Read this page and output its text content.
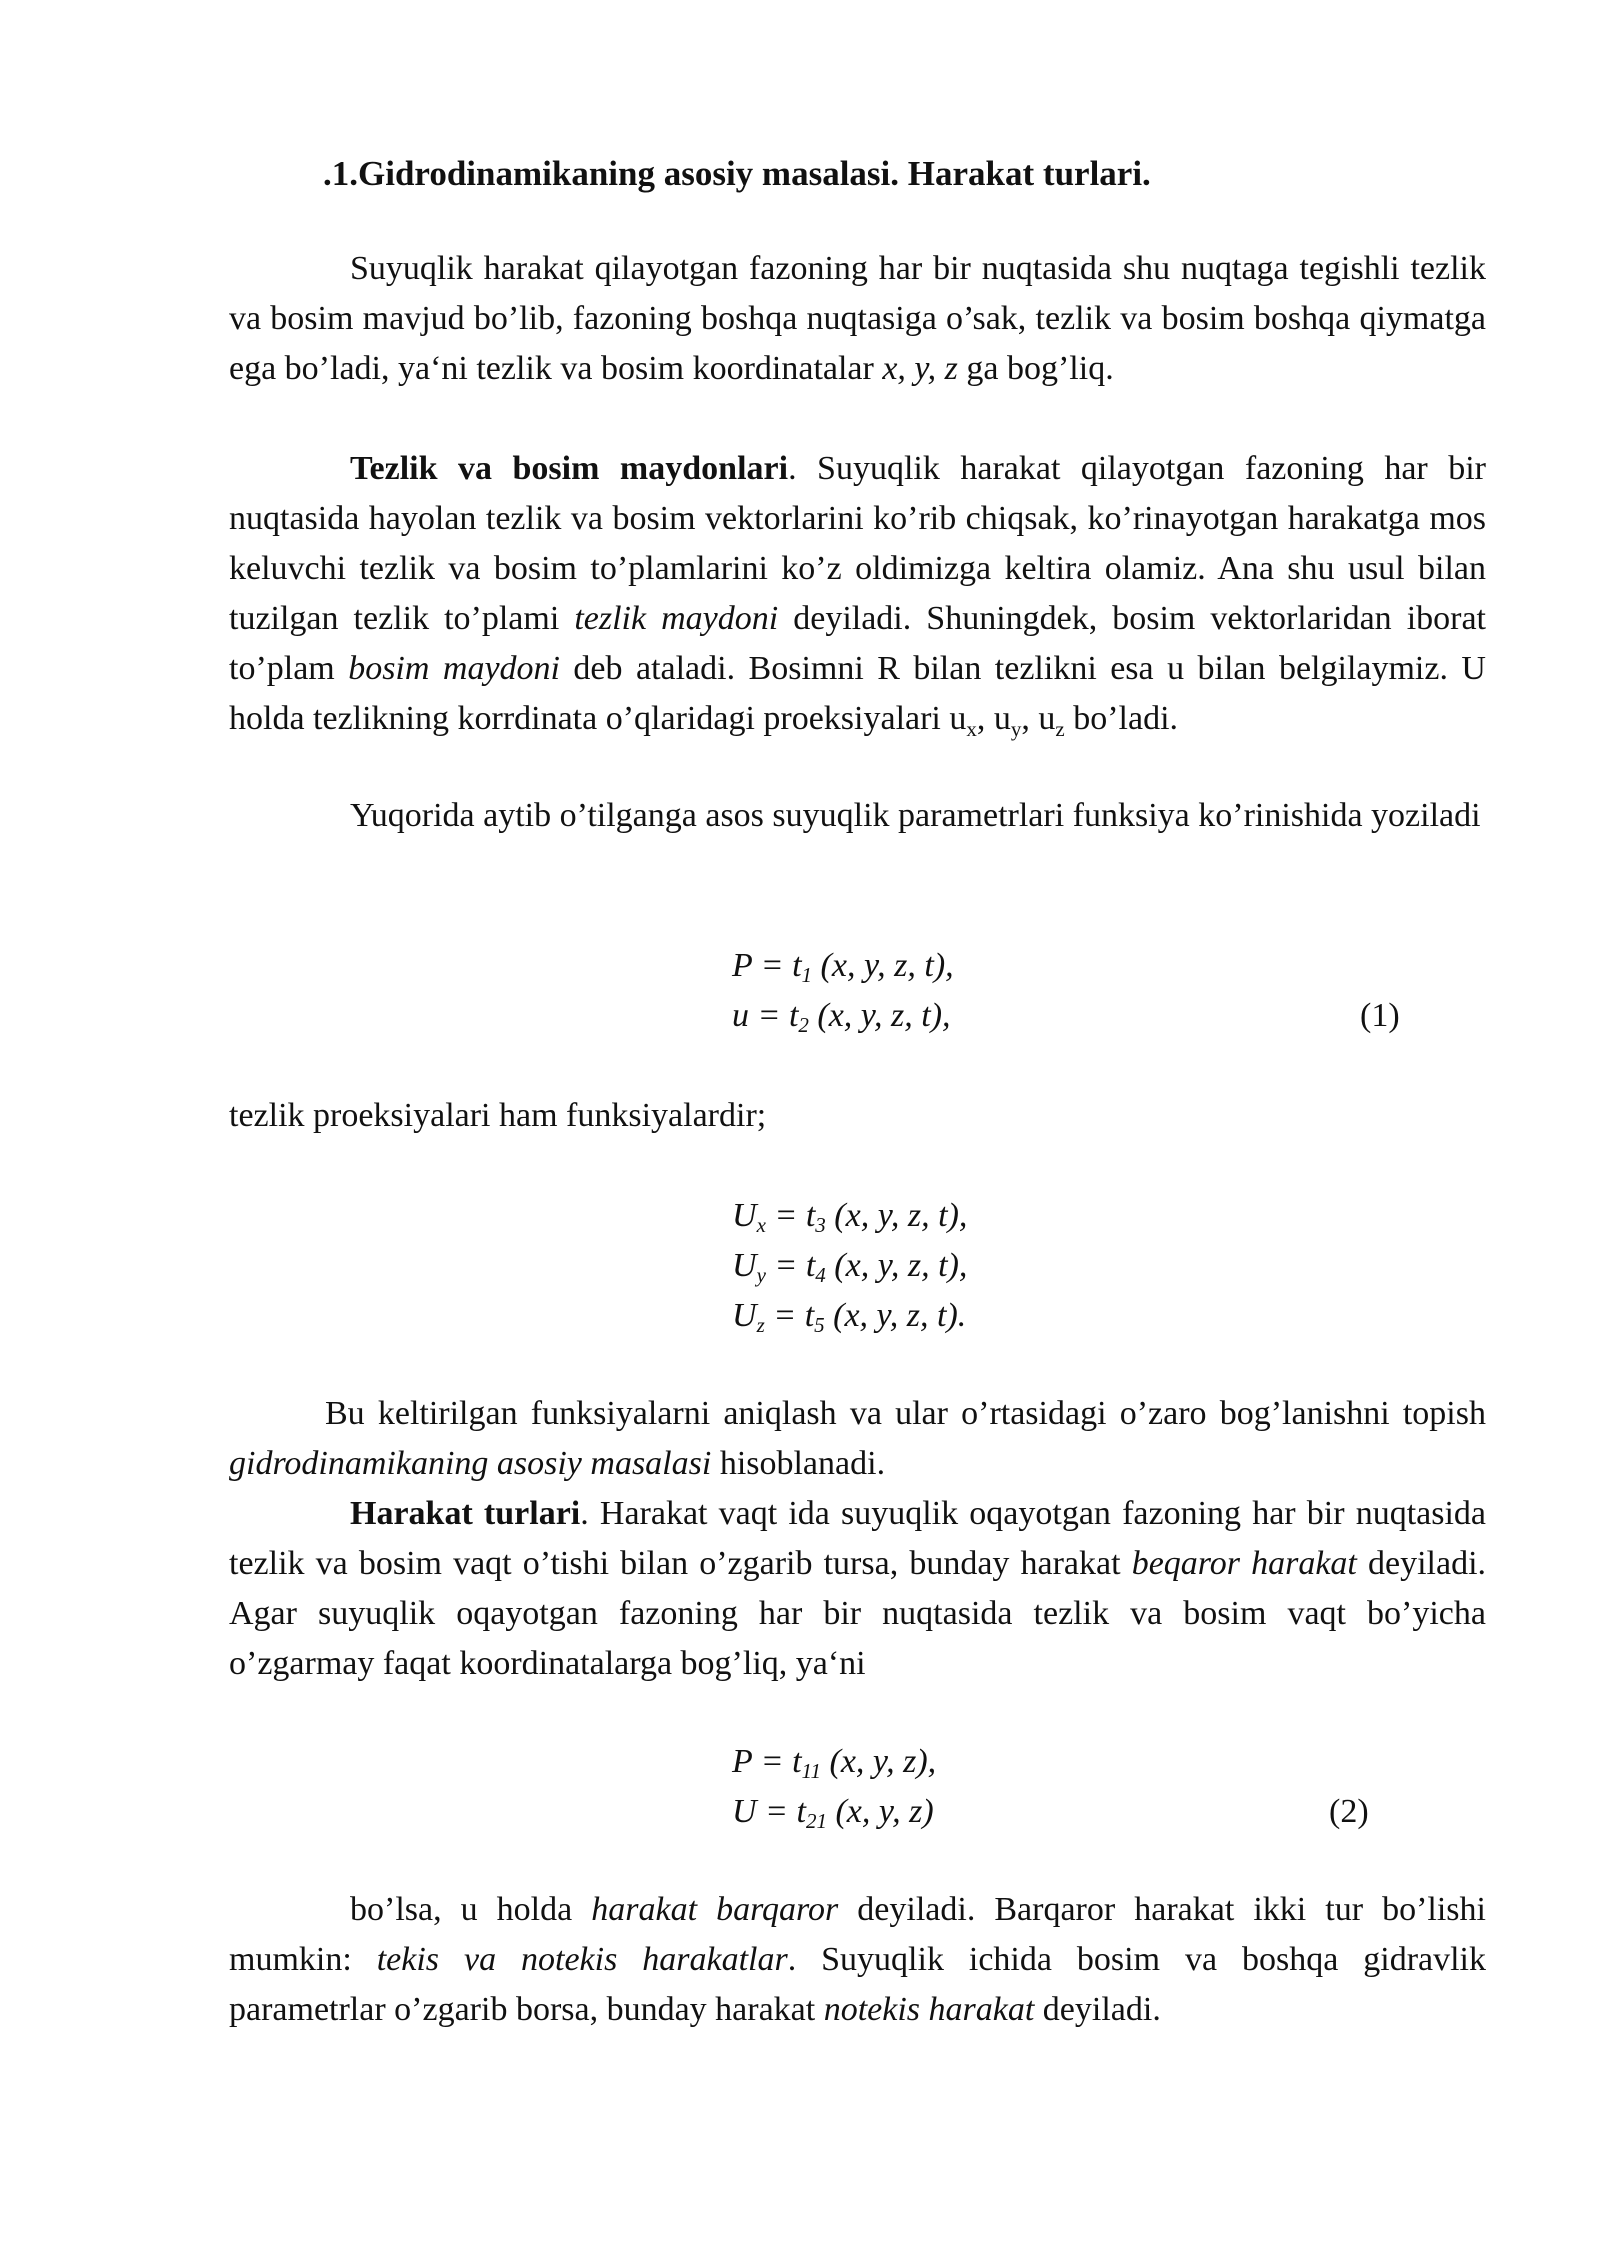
.1.Gidrodinamikaning asosiy masalasi. Harakat turlari.

Suyuqlik harakat qilayotgan fazoning har bir nuqtasida shu nuqtaga tegishli tezlik va bosim mavjud bo’lib, fazoning boshqa nuqtasiga o’sak, tezlik va bosim boshqa qiymatga ega bo’ladi, ya‘ni tezlik va bosim koordinatalar x, y, z ga bog’liq.

Tezlik va bosim maydonlari. Suyuqlik harakat qilayotgan fazoning har bir nuqtasida hayolan tezlik va bosim vektorlarini ko’rib chiqsak, ko’rinayotgan harakatga mos keluvchi tezlik va bosim to’plamlarini ko’z oldimizga keltira olamiz. Ana shu usul bilan tuzilgan tezlik to’plami tezlik maydoni deyiladi. Shuningdek, bosim vektorlaridan iborat to’plam bosim maydoni deb ataladi. Bosimni R bilan tezlikni esa u bilan belgilaymiz. U holda tezlikning korrdinata o’qlaridagi proeksiyalari $u_x$, $u_y$, $u_z$ bo’ladi.

Yuqorida aytib o’tilganga asos suyuqlik parametrlari funksiya ko’rinishida yoziladi

P = t1 (x, y, z, t),
u = t2 (x, y, z, t),	(1)

tezlik proeksiyalari ham funksiyalardir;

Ux = t3 (x, y, z, t),
Uy = t4 (x, y, z, t),
Uz = t5 (x, y, z, t).

Bu keltirilgan funksiyalarni aniqlash va ular o’rtasidagi o’zaro bog’lanishni topish gidrodinamikaning asosiy masalasi hisoblanadi.

Harakat turlari. Harakat vaqt ida suyuqlik oqayotgan fazoning har bir nuqtasida tezlik va bosim vaqt o’tishi bilan o’zgarib tursa, bunday harakat beqaror harakat deyiladi. Agar suyuqlik oqayotgan fazoning har bir nuqtasida tezlik va bosim vaqt bo’yicha o’zgarmay faqat koordinatalarga bog’liq, ya‘ni

P = t11 (x, y, z),
U = t21 (x, y, z)	(2)

bo’lsa, u holda harakat barqaror deyiladi. Barqaror harakat ikki tur bo’lishi mumkin: tekis va notekis harakatlar. Suyuqlik ichida bosim va boshqa gidravlik parametrlar o’zgarib borsa, bunday harakat notekis harakat deyiladi.
